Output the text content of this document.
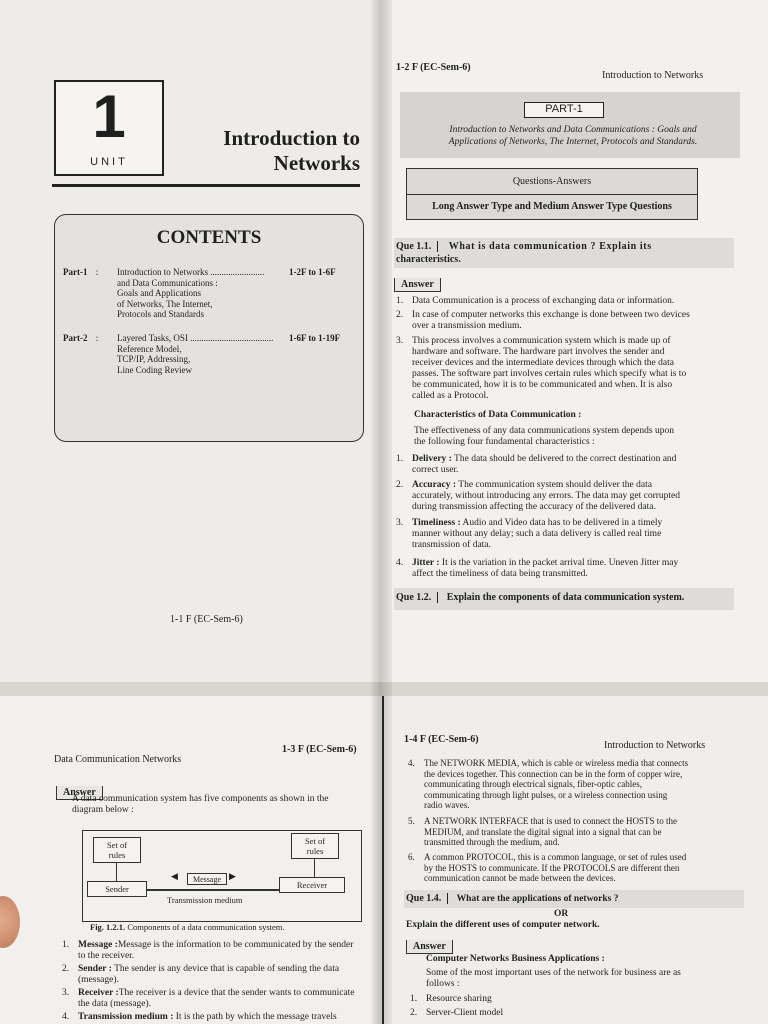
1
UNIT
Introduction to
Networks
CONTENTS
Part-1 : Introduction to Networks ........................
and Data Communications :
Goals and Applications
of Networks, The Internet,
Protocols and Standards
1-2F to 1-6F
Part-2 : Layered Tasks, OSI .....................................
Reference Model,
TCP/IP, Addressing,
Line Coding Review
1-6F to 1-19F
1-1 F (EC-Sem-6)
1-2 F (EC-Sem-6)
Introduction to Networks
PART-1
Introduction to Networks and Data Communications : Goals and
Applications of Networks, The Internet, Protocols and Standards.
Questions-Answers
Long Answer Type and Medium Answer Type Questions
Que 1.1. What is data communication ? Explain its
characteristics.
Answer
1. Data Communication is a process of exchanging data or information.
2. In case of computer networks this exchange is done between two devices
over a transmission medium.
3. This process involves a communication system which is made up of
hardware and software. The hardware part involves the sender and
receiver devices and the intermediate devices through which the data
passes. The software part involves certain rules which specify what is to
be communicated, how it is to be communicated and when. It is also
called as a Protocol.
Characteristics of Data Communication :
The effectiveness of any data communications system depends upon
the following four fundamental characteristics :
1. Delivery : The data should be delivered to the correct destination and
correct user.
2. Accuracy : The communication system should deliver the data
accurately, without introducing any errors. The data may get corrupted
during transmission affecting the accuracy of the delivered data.
3. Timeliness : Audio and Video data has to be delivered in a timely
manner without any delay; such a data delivery is called real time
transmission of data.
4. Jitter : It is the variation in the packet arrival time. Uneven Jitter may
affect the timeliness of data being transmitted.
Que 1.2. Explain the components of data communication system.
Data Communication Networks
1-3 F (EC-Sem-6)
Answer
A data communication system has five components as shown in the
diagram below :
Set of
rules
Set of
rules
Sender	Receiver
Message ▶
◀
Transmission medium
Fig. 1.2.1. Components of a data communication system.
1. Message :Message is the information to be communicated by the sender
to the receiver.
2. Sender : The sender is any device that is capable of sending the data
(message).
3. Receiver :The receiver is a device that the sender wants to communicate
the data (message).
4. Transmission medium : It is the path by which the message travels
1-4 F (EC-Sem-6)
Introduction to Networks
4. The NETWORK MEDIA, which is cable or wireless media that connects
the devices together. This connection can be in the form of copper wire,
communicating through electrical signals, fiber-optic cables,
communicating through light pulses, or a wireless connection using
radio waves.
5. A NETWORK INTERFACE that is used to connect the HOSTS to the
MEDIUM, and translate the digital signal into a signal that can be
transmitted through the medium, and.
6. A common PROTOCOL, this is a common language, or set of rules used
by the HOSTS to communicate. If the PROTOCOLS are different then
communication cannot be made between the devices.
Que 1.4. What are the applications of networks ?
OR
Explain the different uses of computer network.
Answer
Computer Networks Business Applications :
Some of the most important uses of the network for business are as
follows :
1. Resource sharing
2. Server-Client model
